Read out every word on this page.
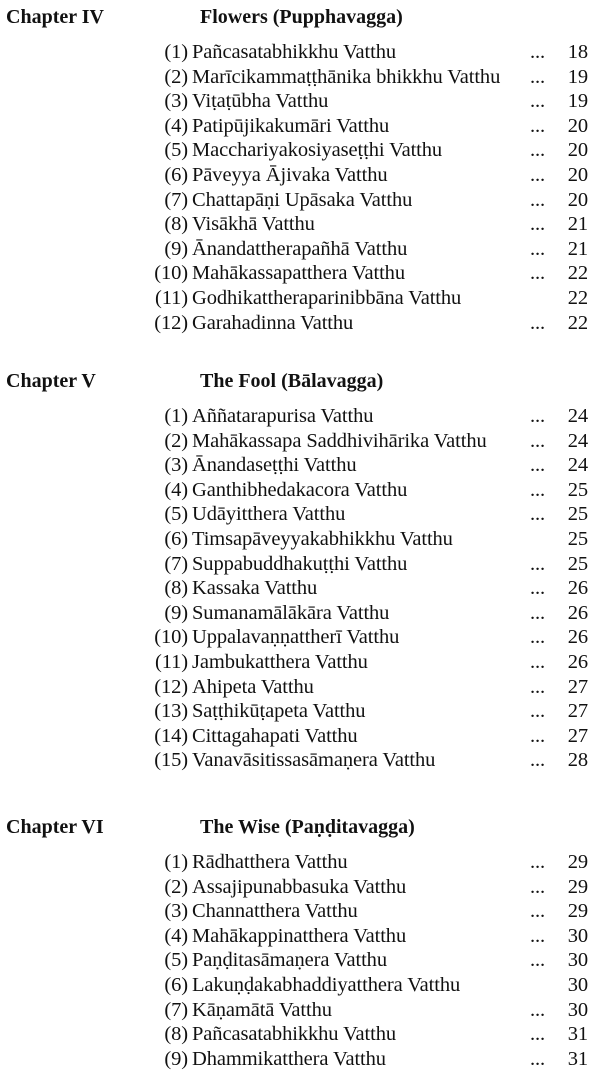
Chapter IV	Flowers (Pupphavagga)
(1) Pañcasatabhikkhu Vatthu	... 18
(2) Marīcikammaṭṭhānika bhikkhu Vatthu	... 19
(3) Viṭaṭūbha Vatthu	... 19
(4) Patipūjikakumāri Vatthu	... 20
(5) Macchariyakosiyaseṭṭhi Vatthu	... 20
(6) Pāveyya Ājivaka Vatthu	... 20
(7) Chattapāṇi Upāsaka Vatthu	... 20
(8) Visākhā Vatthu	... 21
(9) Ānandattherapañhā Vatthu	... 21
(10) Mahākassapatthera Vatthu	... 22
(11) Godhikattheraparinibbāna Vatthu	22
(12) Garahadinna Vatthu	... 22
Chapter V	The Fool (Bālavagga)
(1) Aññatarapurisa Vatthu	... 24
(2) Mahākassapa Saddhivihārika Vatthu	... 24
(3) Ānandaseṭṭhi Vatthu	... 24
(4) Ganthibhedakacora Vatthu	... 25
(5) Udāyitthera Vatthu	... 25
(6) Timsapāveyyakabhikkhu Vatthu	25
(7) Suppabuddhakuṭṭhi Vatthu	... 25
(8) Kassaka Vatthu	... 26
(9) Sumanamālākāra Vatthu	... 26
(10) Uppalavaṇṇattherī Vatthu	... 26
(11) Jambukatthera Vatthu	... 26
(12) Ahipeta Vatthu	... 27
(13) Saṭṭhikūṭapeta Vatthu	... 27
(14) Cittagahapati Vatthu	... 27
(15) Vanavāsitissasāmaṇera Vatthu	... 28
Chapter VI	The Wise (Paṇḍitavagga)
(1) Rādhatthera Vatthu	... 29
(2) Assajipunabbasuka Vatthu	... 29
(3) Channatthera Vatthu	... 29
(4) Mahākappinatthera Vatthu	... 30
(5) Paṇḍitasāmaṇera Vatthu	... 30
(6) Lakuṇḍakabhaddiyatthera Vatthu	30
(7) Kāṇamātā Vatthu	... 30
(8) Pañcasatabhikkhu Vatthu	... 31
(9) Dhammikatthera Vatthu	... 31
